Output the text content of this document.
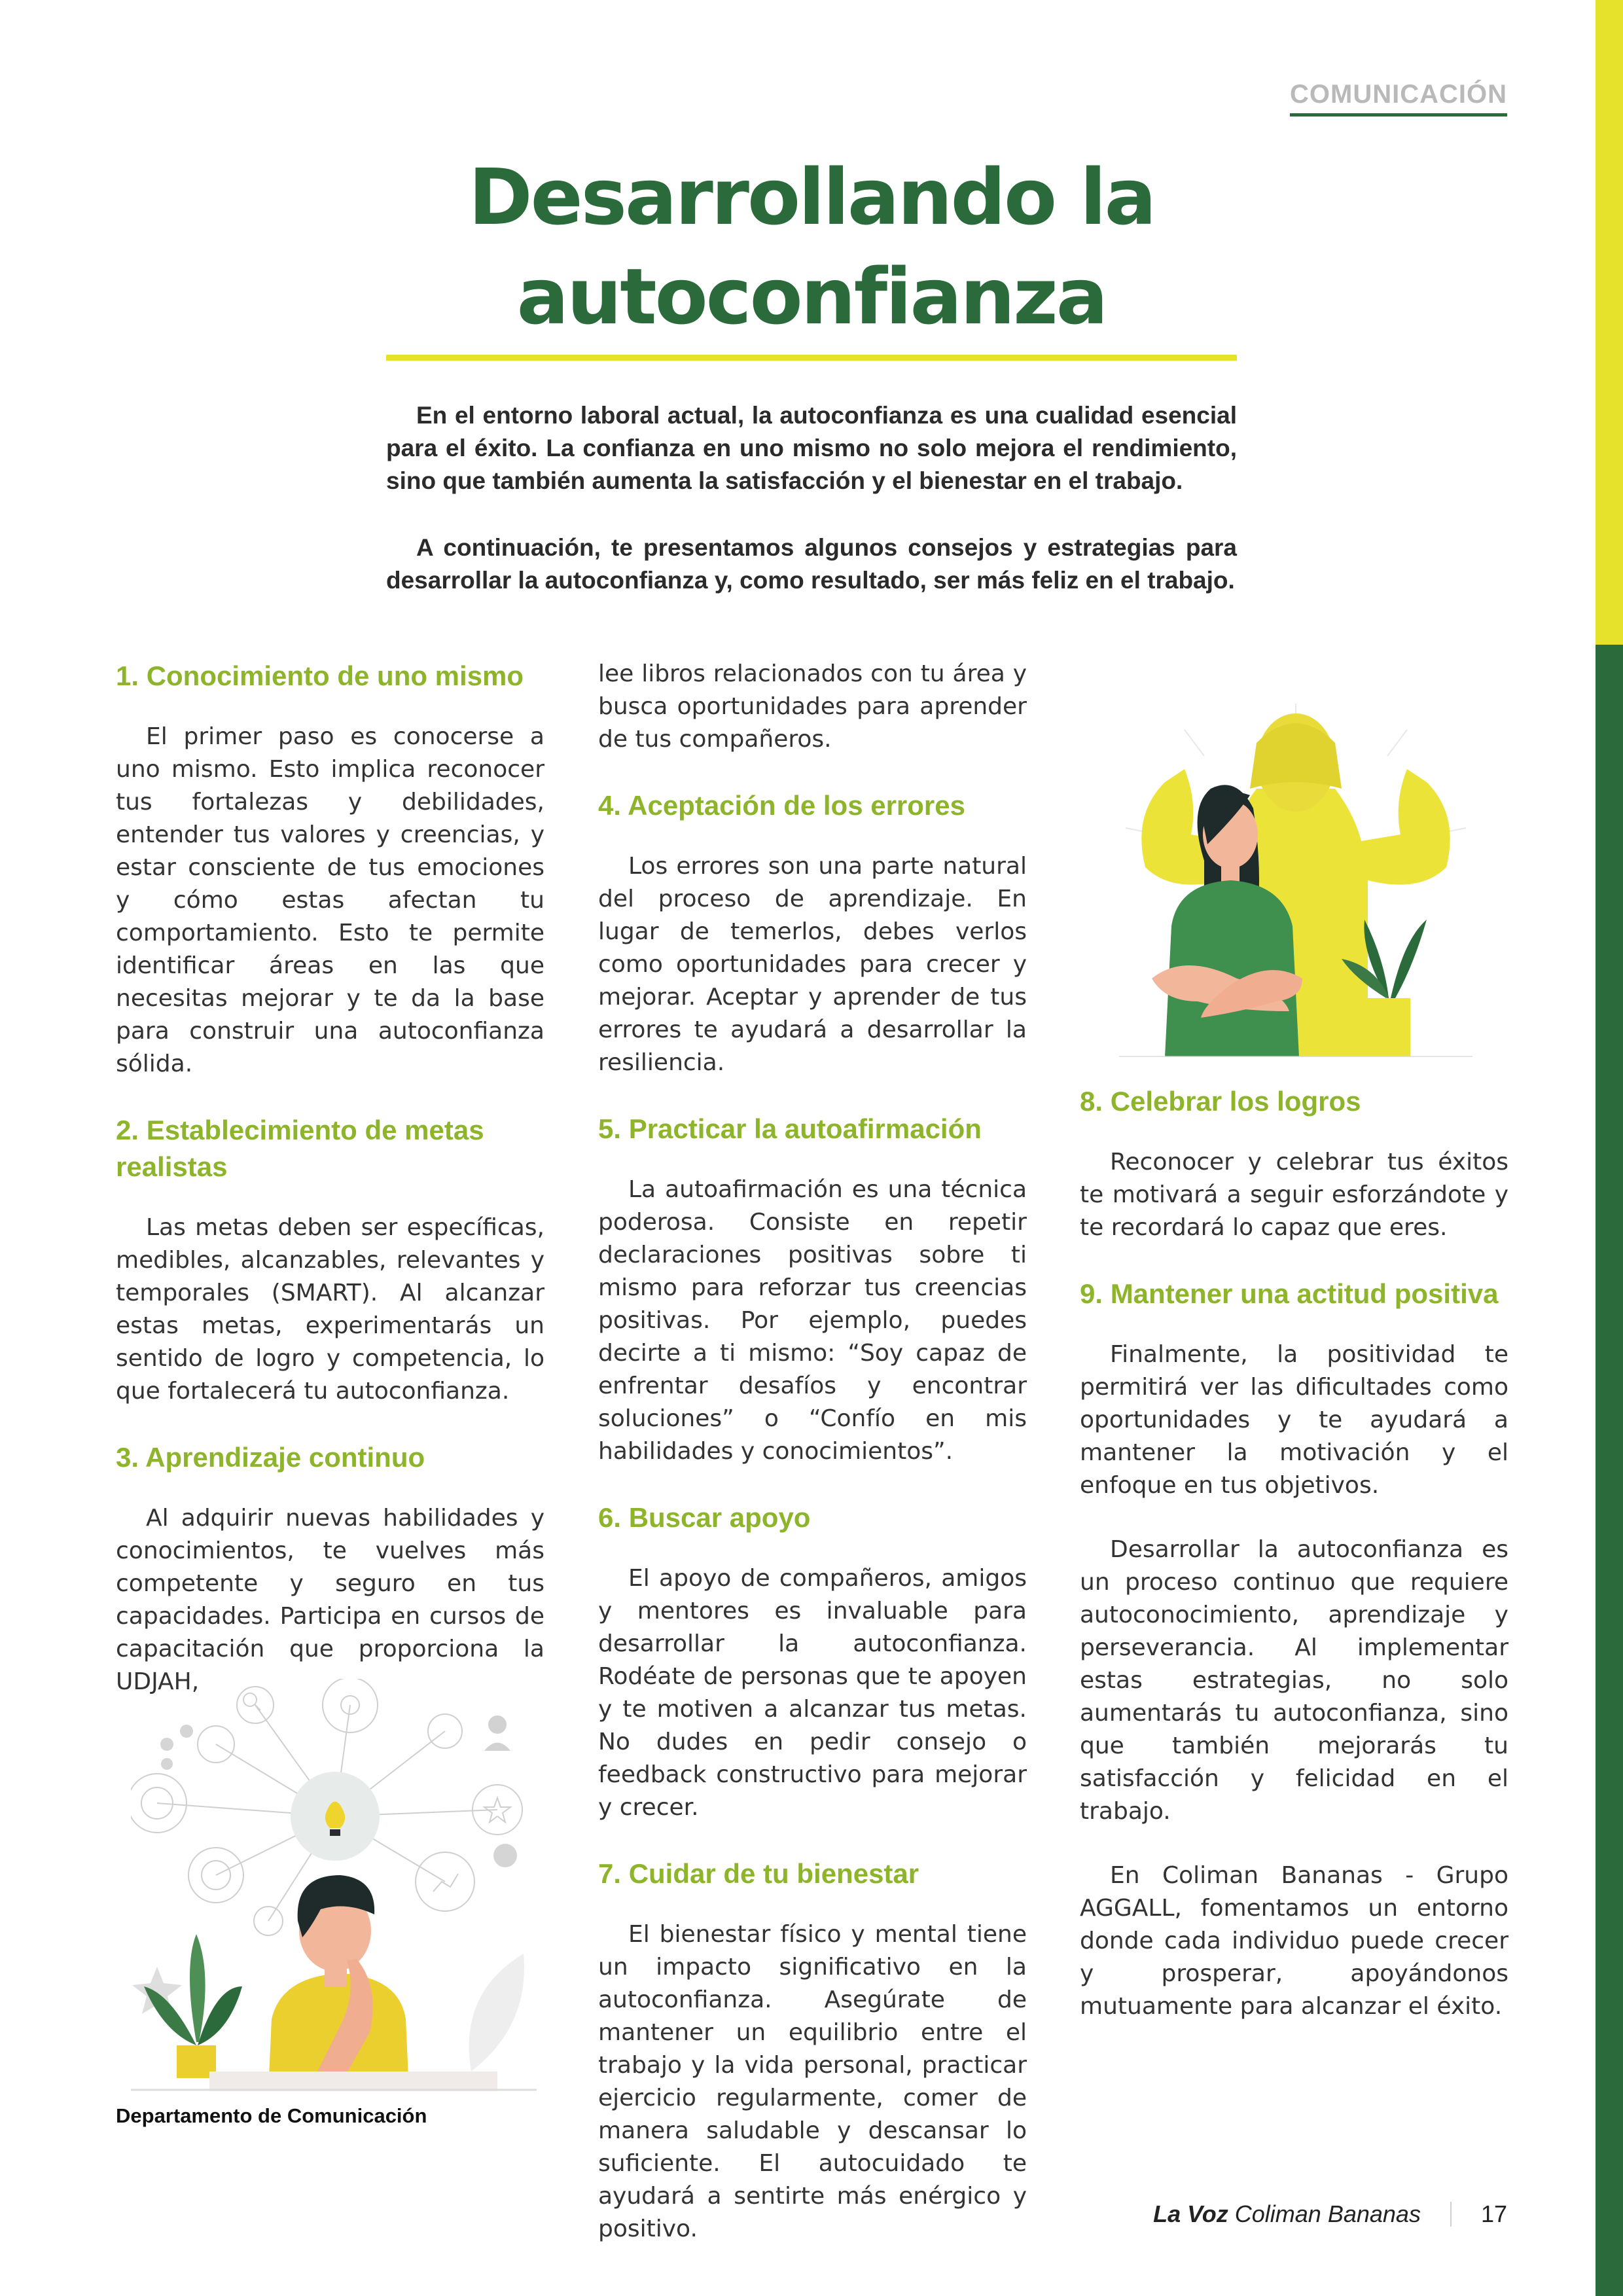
COMUNICACIÓN
Desarrollando la autoconfianza

En el entorno laboral actual, la autoconfianza es una cualidad esencial para el éxito. La confianza en uno mismo no solo mejora el rendimiento, sino que también aumenta la satisfacción y el bienestar en el trabajo.

A continuación, te presentamos algunos consejos y estrategias para desarrollar la autoconfianza y, como resultado, ser más feliz en el trabajo.

1. Conocimiento de uno mismo

El primer paso es conocerse a uno mismo. Esto implica reconocer tus fortalezas y debilidades, entender tus valores y creencias, y estar consciente de tus emociones y cómo estas afectan tu comportamiento. Esto te permite identificar áreas en las que necesitas mejorar y te da la base para construir una autoconfianza sólida.

2. Establecimiento de metas realistas

Las metas deben ser específicas, medibles, alcanzables, relevantes y temporales (SMART). Al alcanzar estas metas, experimentarás un sentido de logro y competencia, lo que fortalecerá tu autoconfianza.

3. Aprendizaje continuo

Al adquirir nuevas habilidades y conocimientos, te vuelves más competente y seguro en tus capacidades. Participa en cursos de capacitación que proporciona la UDJAH,

lee libros relacionados con tu área y busca oportunidades para aprender de tus compañeros.

4. Aceptación de los errores

Los errores son una parte natural del proceso de aprendizaje. En lugar de temerlos, debes verlos como oportunidades para crecer y mejorar. Aceptar y aprender de tus errores te ayudará a desarrollar la resiliencia.

5. Practicar la autoafirmación

La autoafirmación es una técnica poderosa. Consiste en repetir declaraciones positivas sobre ti mismo para reforzar tus creencias positivas. Por ejemplo, puedes decirte a ti mismo: “Soy capaz de enfrentar desafíos y encontrar soluciones” o “Confío en mis habilidades y conocimientos”.

6. Buscar apoyo

El apoyo de compañeros, amigos y mentores es invaluable para desarrollar la autoconfianza. Rodéate de personas que te apoyen y te motiven a alcanzar tus metas. No dudes en pedir consejo o feedback constructivo para mejorar y crecer.

7. Cuidar de tu bienestar

El bienestar físico y mental tiene un impacto significativo en la autoconfianza. Asegúrate de mantener un equilibrio entre el trabajo y la vida personal, practicar ejercicio regularmente, comer de manera saludable y descansar lo suficiente. El autocuidado te ayudará a sentirte más enérgico y positivo.

8. Celebrar los logros

Reconocer y celebrar tus éxitos te motivará a seguir esforzándote y te recordará lo capaz que eres.

9. Mantener una actitud positiva

Finalmente, la positividad te permitirá ver las dificultades como oportunidades y te ayudará a mantener la motivación y el enfoque en tus objetivos.

Desarrollar la autoconfianza es un proceso continuo que requiere autoconocimiento, aprendizaje y perseverancia. Al implementar estas estrategias, no solo aumentarás tu autoconfianza, sino que también mejorarás tu satisfacción y felicidad en el trabajo.

En Coliman Bananas - Grupo AGGALL, fomentamos un entorno donde cada individuo puede crecer y prosperar, apoyándonos mutuamente para alcanzar el éxito.

Departamento de Comunicación
La Voz Coliman Bananas	17
